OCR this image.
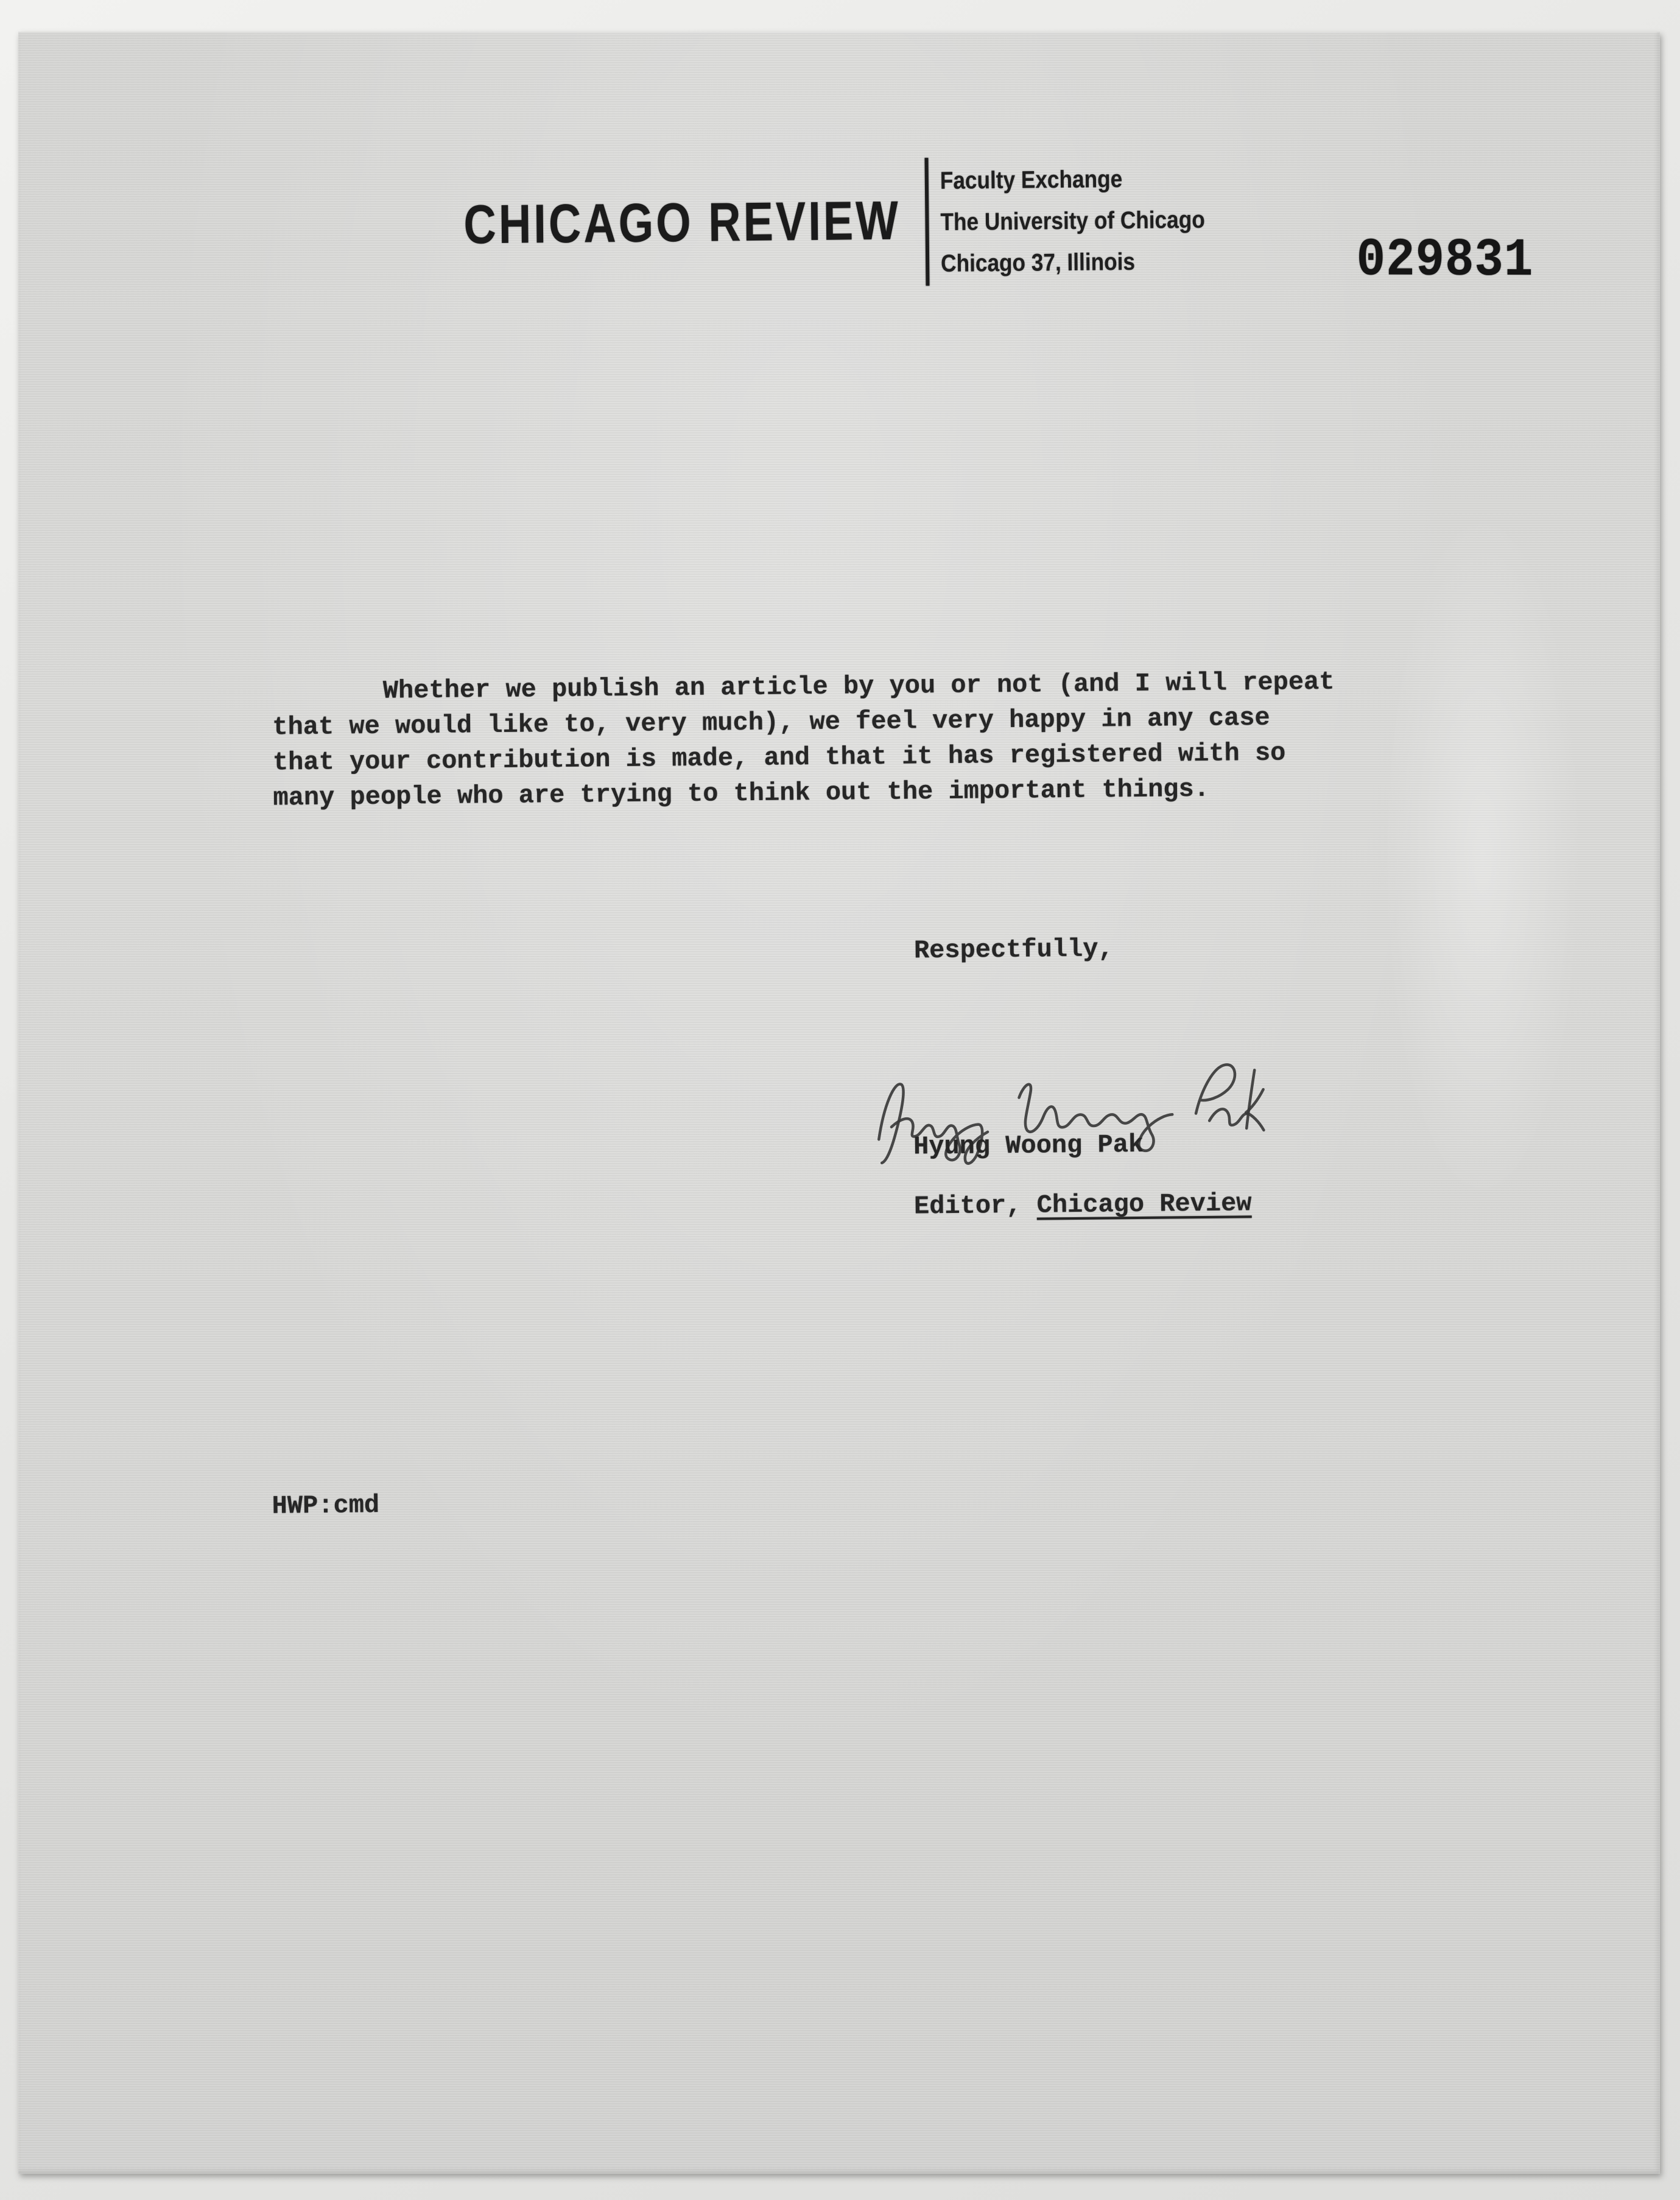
CHICAGO REVIEW
Faculty Exchange
The University of Chicago
Chicago 37, Illinois	029831
Whether we publish an article by you or not (and I will repeat
that we would like to, very much), we feel very happy in any case
that your contribution is made, and that it has registered with so
many people who are trying to think out the important things.
Respectfully,
Hyung Woong Pak
Editor, Chicago Review
HWP:cmd
